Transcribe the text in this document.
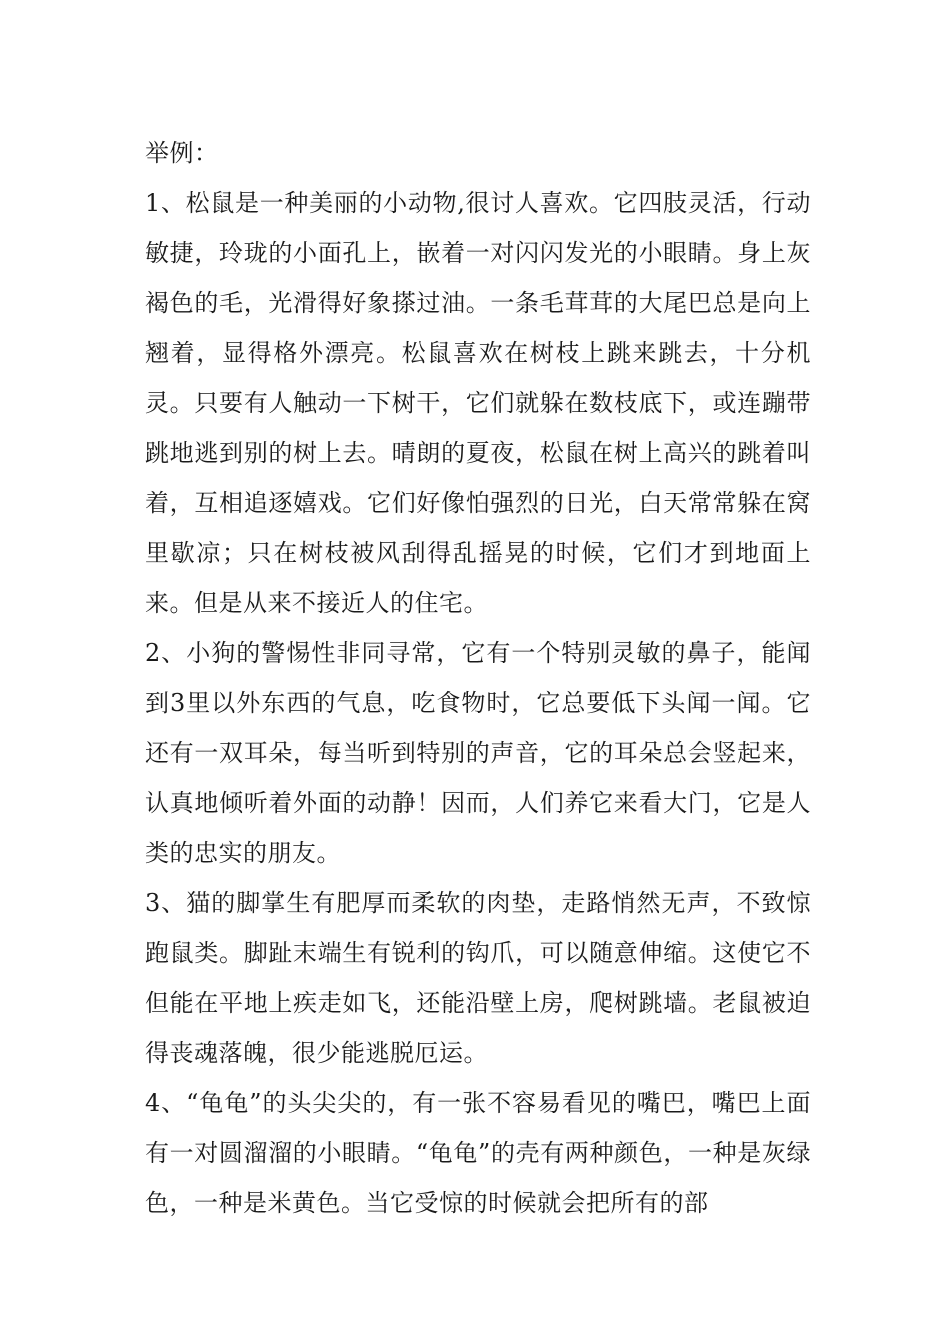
举例：

1、松鼠是一种美丽的小动物,很讨人喜欢。它四肢灵活，行动敏捷，玲珑的小面孔上，嵌着一对闪闪发光的小眼睛。身上灰褐色的毛，光滑得好象搽过油。一条毛茸茸的大尾巴总是向上翘着，显得格外漂亮。松鼠喜欢在树枝上跳来跳去，十分机灵。只要有人触动一下树干，它们就躲在数枝底下，或连蹦带跳地逃到别的树上去。晴朗的夏夜，松鼠在树上高兴的跳着叫着，互相追逐嬉戏。它们好像怕强烈的日光，白天常常躲在窝里歇凉；只在树枝被风刮得乱摇晃的时候，它们才到地面上来。但是从来不接近人的住宅。

2、小狗的警惕性非同寻常，它有一个特别灵敏的鼻子，能闻到3里以外东西的气息，吃食物时，它总要低下头闻一闻。它还有一双耳朵，每当听到特别的声音，它的耳朵总会竖起来，认真地倾听着外面的动静！因而，人们养它来看大门，它是人类的忠实的朋友。

3、猫的脚掌生有肥厚而柔软的肉垫，走路悄然无声，不致惊跑鼠类。脚趾末端生有锐利的钩爪，可以随意伸缩。这使它不但能在平地上疾走如飞，还能沿壁上房，爬树跳墙。老鼠被迫得丧魂落魄，很少能逃脱厄运。

4、“龟龟”的头尖尖的，有一张不容易看见的嘴巴，嘴巴上面有一对圆溜溜的小眼睛。“龟龟”的壳有两种颜色，一种是灰绿色，一种是米黄色。当它受惊的时候就会把所有的部
